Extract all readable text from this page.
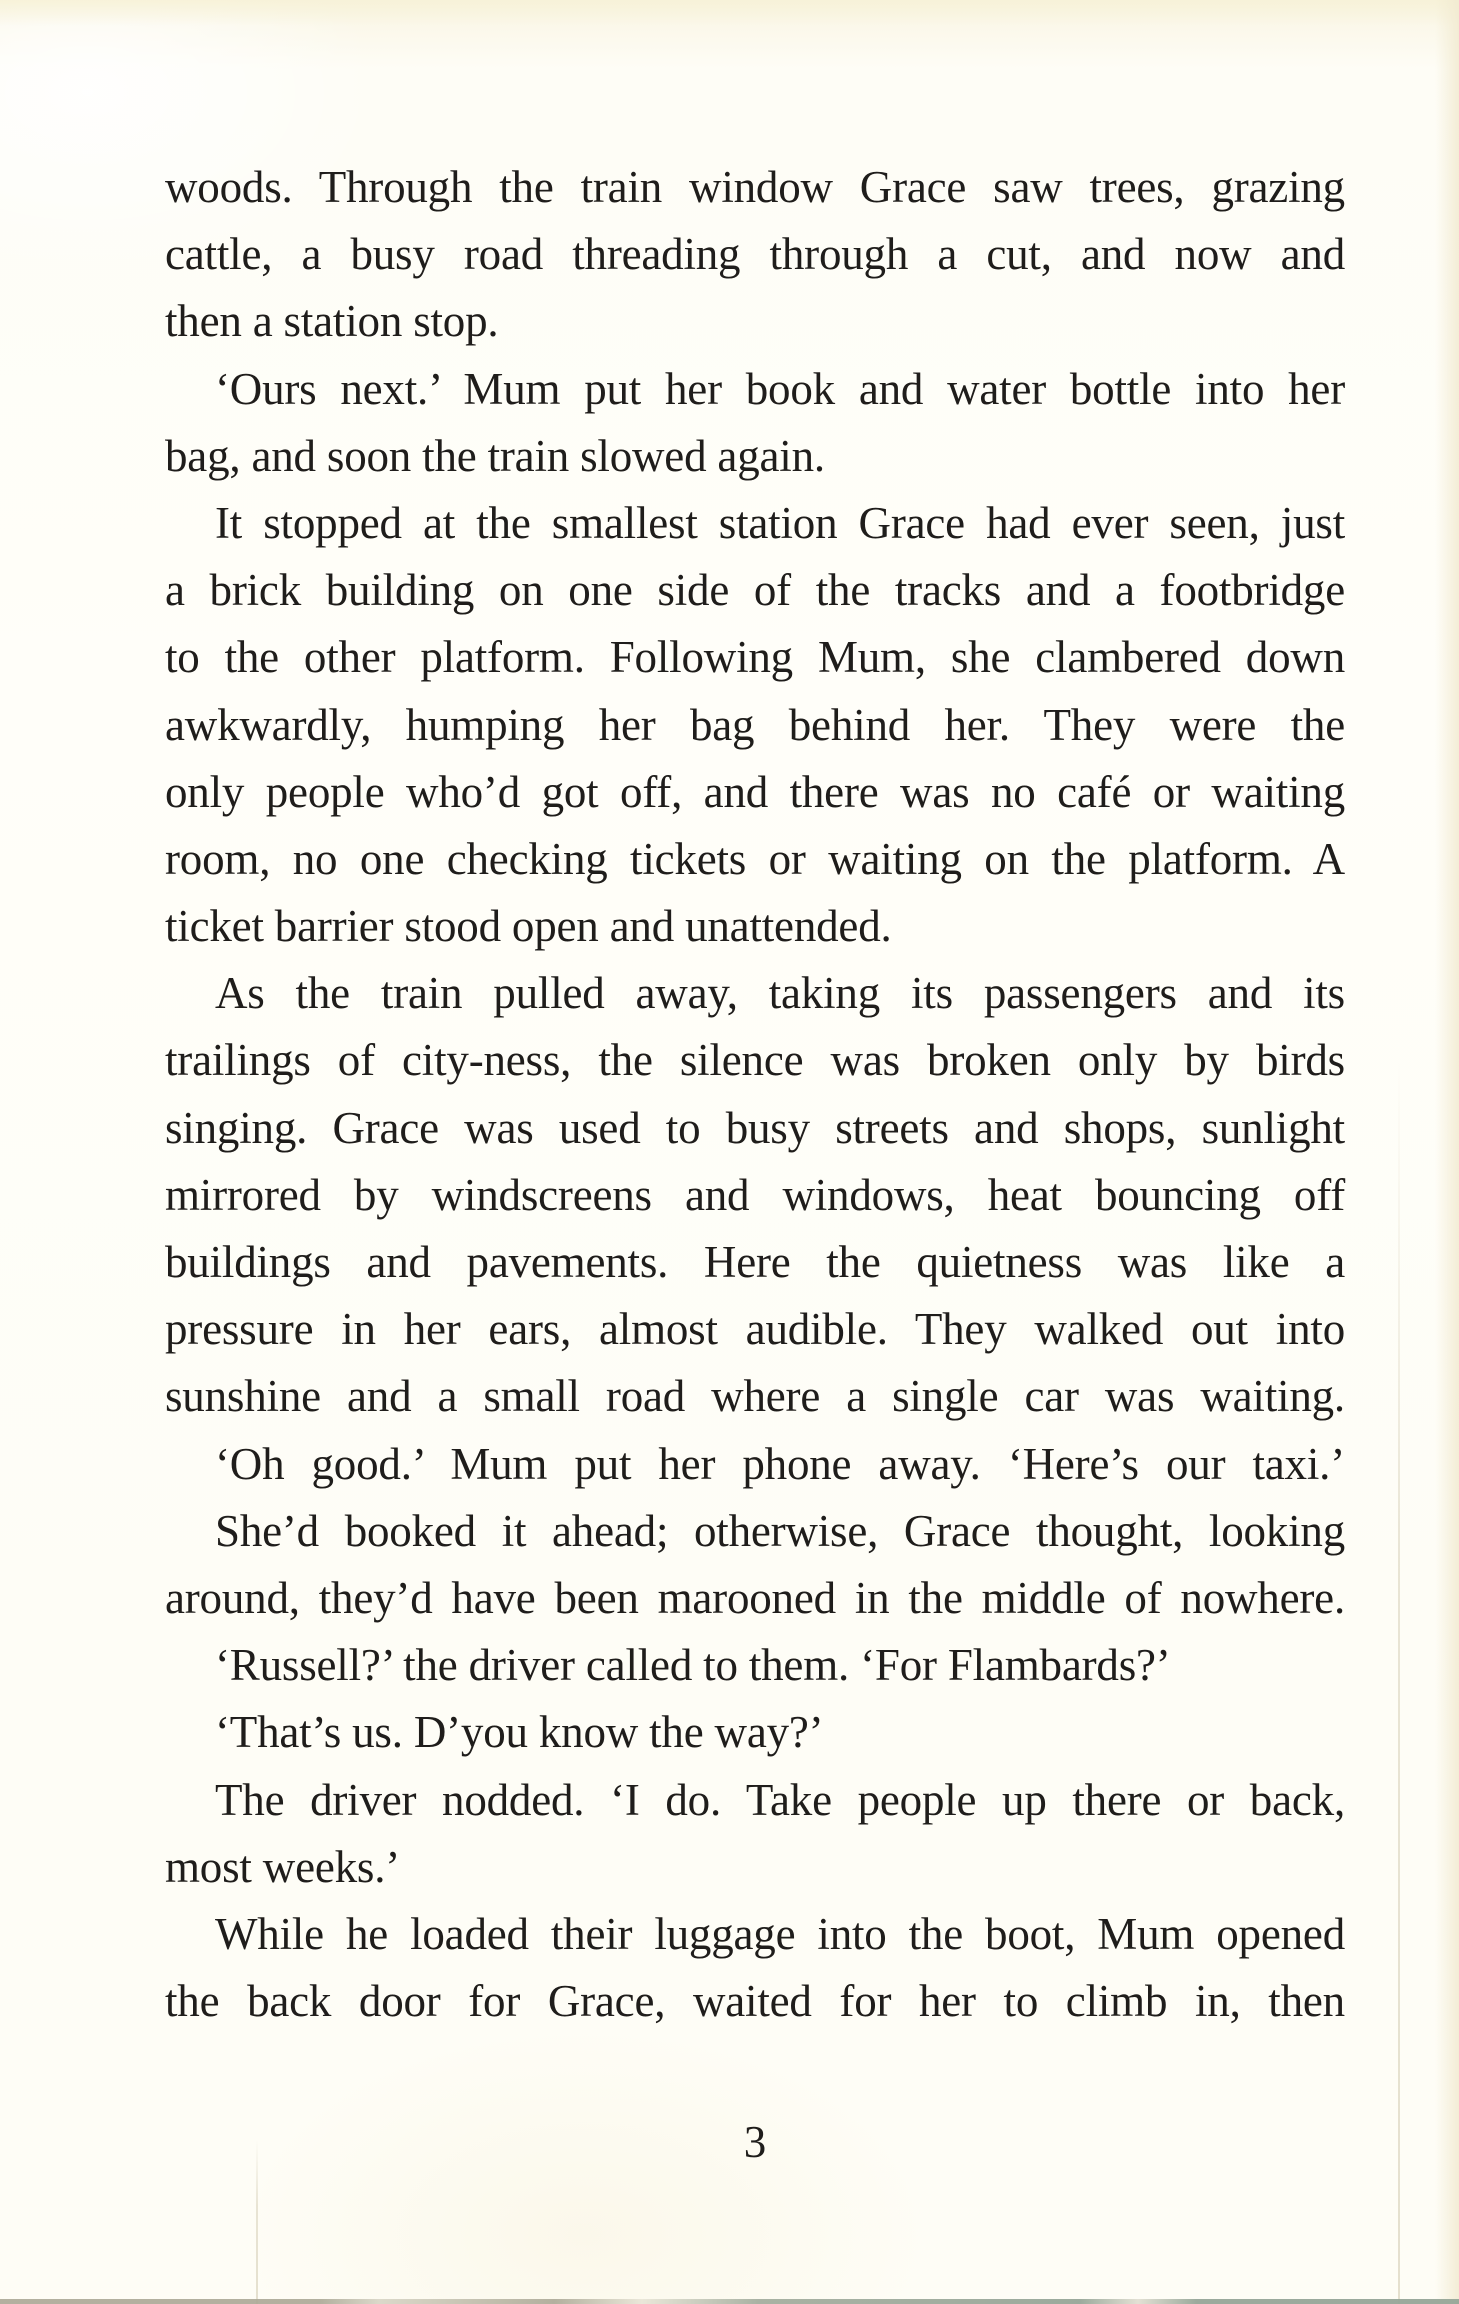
woods. Through the train window Grace saw trees, grazing
cattle, a busy road threading through a cut, and now and
then a station stop.
‘Ours next.’ Mum put her book and water bottle into her
bag, and soon the train slowed again.
It stopped at the smallest station Grace had ever seen, just
a brick building on one side of the tracks and a footbridge
to the other platform. Following Mum, she clambered down
awkwardly, humping her bag behind her. They were the
only people who’d got off, and there was no café or waiting
room, no one checking tickets or waiting on the platform. A
ticket barrier stood open and unattended.
As the train pulled away, taking its passengers and its
trailings of city-ness, the silence was broken only by birds
singing. Grace was used to busy streets and shops, sunlight
mirrored by windscreens and windows, heat bouncing off
buildings and pavements. Here the quietness was like a
pressure in her ears, almost audible. They walked out into
sunshine and a small road where a single car was waiting.
‘Oh good.’ Mum put her phone away. ‘Here’s our taxi.’
She’d booked it ahead; otherwise, Grace thought, looking
around, they’d have been marooned in the middle of nowhere.
‘Russell?’ the driver called to them. ‘For Flambards?’
‘That’s us. D’you know the way?’
The driver nodded. ‘I do. Take people up there or back,
most weeks.’
While he loaded their luggage into the boot, Mum opened
the back door for Grace, waited for her to climb in, then
3
